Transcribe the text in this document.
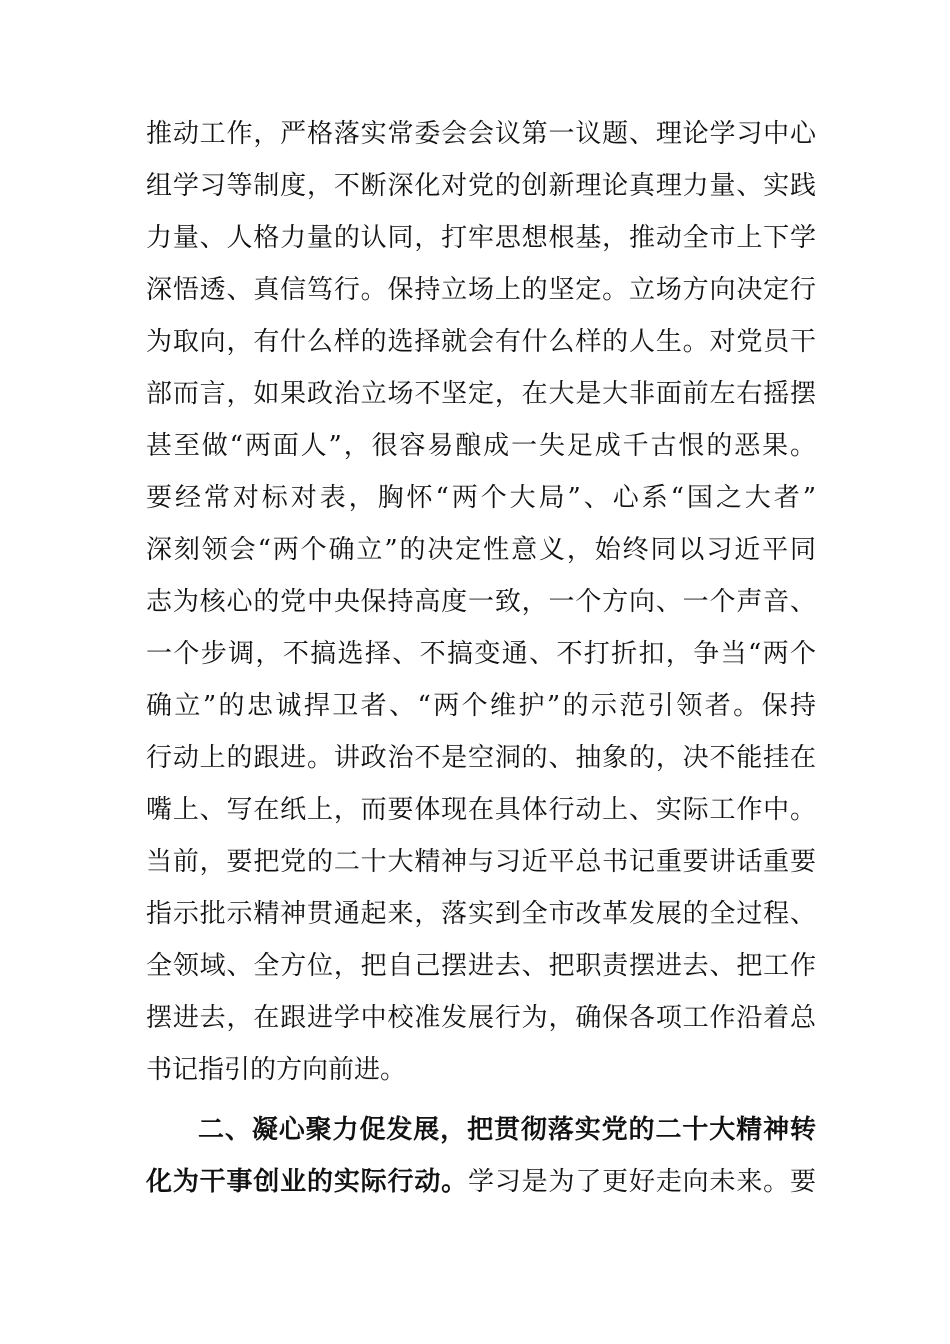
推动工作，严格落实常委会会议第一议题、理论学习中心
组学习等制度，不断深化对党的创新理论真理力量、实践
力量、人格力量的认同，打牢思想根基，推动全市上下学
深悟透、真信笃行。保持立场上的坚定。立场方向决定行
为取向，有什么样的选择就会有什么样的人生。对党员干
部而言，如果政治立场不坚定，在大是大非面前左右摇摆
甚至做“两面人”，很容易酿成一失足成千古恨的恶果。
要经常对标对表，胸怀“两个大局”、心系“国之大者”
深刻领会“两个确立”的决定性意义，始终同以习近平同
志为核心的党中央保持高度一致，一个方向、一个声音、
一个步调，不搞选择、不搞变通、不打折扣，争当“两个
确立”的忠诚捍卫者、“两个维护”的示范引领者。保持
行动上的跟进。讲政治不是空洞的、抽象的，决不能挂在
嘴上、写在纸上，而要体现在具体行动上、实际工作中。
当前，要把党的二十大精神与习近平总书记重要讲话重要
指示批示精神贯通起来，落实到全市改革发展的全过程、
全领域、全方位，把自己摆进去、把职责摆进去、把工作
摆进去，在跟进学中校准发展行为，确保各项工作沿着总
书记指引的方向前进。
二、凝心聚力促发展，把贯彻落实党的二十大精神转
化为干事创业的实际行动。学习是为了更好走向未来。要
